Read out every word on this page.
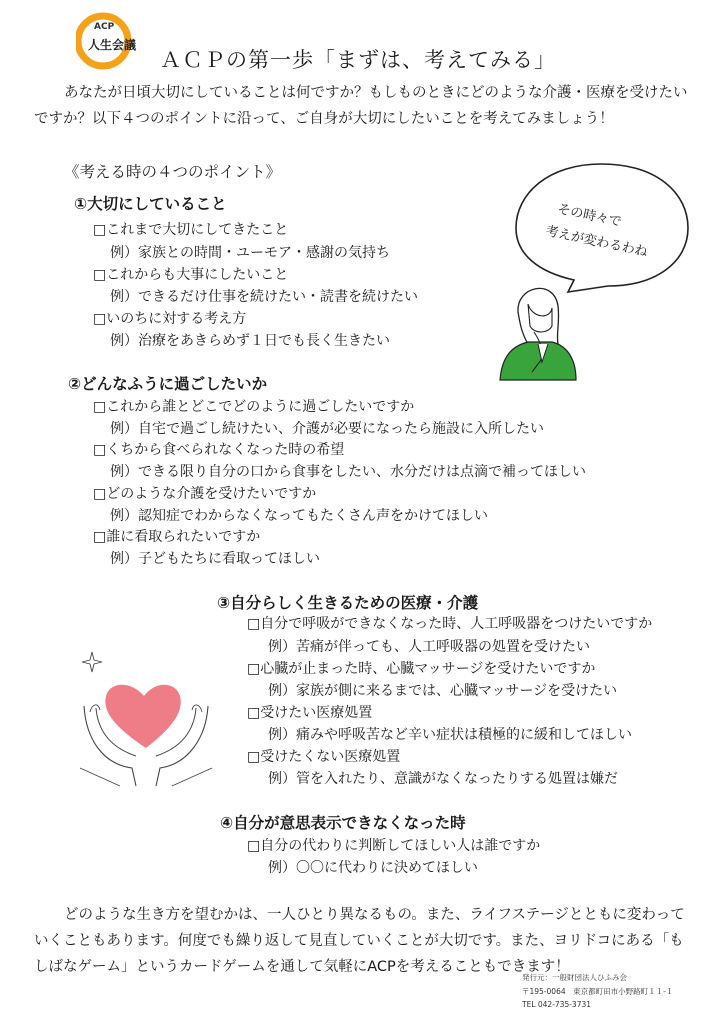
ACP
人生会議
ＡＣＰの第一歩「まずは、考えてみる」
あなたが日頃大切にしていることは何ですか？もしものときにどのような介護・医療を受けたいですか？以下４つのポイントに沿って、ご自身が大切にしたいことを考えてみましょう！
《考える時の４つのポイント》
その時々で
考えが変わるわね
①大切にしていること
□これまで大切にしてきたこと
例）家族との時間・ユーモア・感謝の気持ち
□これからも大事にしたいこと
例）できるだけ仕事を続けたい・読書を続けたい
□いのちに対する考え方
例）治療をあきらめず１日でも長く生きたい
②どんなふうに過ごしたいか
□これから誰とどこでどのように過ごしたいですか
例）自宅で過ごし続けたい、介護が必要になったら施設に入所したい
□くちから食べられなくなった時の希望
例）できる限り自分の口から食事をしたい、水分だけは点滴で補ってほしい
□どのような介護を受けたいですか
例）認知症でわからなくなってもたくさん声をかけてほしい
□誰に看取られたいですか
例）子どもたちに看取ってほしい
③自分らしく生きるための医療・介護
□自分で呼吸ができなくなった時、人工呼吸器をつけたいですか
例）苦痛が伴っても、人工呼吸器の処置を受けたい
□心臓が止まった時、心臓マッサージを受けたいですか
例）家族が側に来るまでは、心臓マッサージを受けたい
□受けたい医療処置
例）痛みや呼吸苦など辛い症状は積極的に緩和してほしい
□受けたくない医療処置
例）管を入れたり、意識がなくなったりする処置は嫌だ
④自分が意思表示できなくなった時
□自分の代わりに判断してほしい人は誰ですか
例）〇〇に代わりに決めてほしい
どのような生き方を望むかは、一人ひとり異なるもの。また、ライフステージとともに変わっていくこともあります。何度でも繰り返して見直していくことが大切です。また、ヨリドコにある「もしばなゲーム」というカードゲームを通して気軽にACPを考えることもできます！
発行元：一般財団法人ひふみ会
〒195-0064　東京都町田市小野路町１１-１
TEL 042-735-3731
